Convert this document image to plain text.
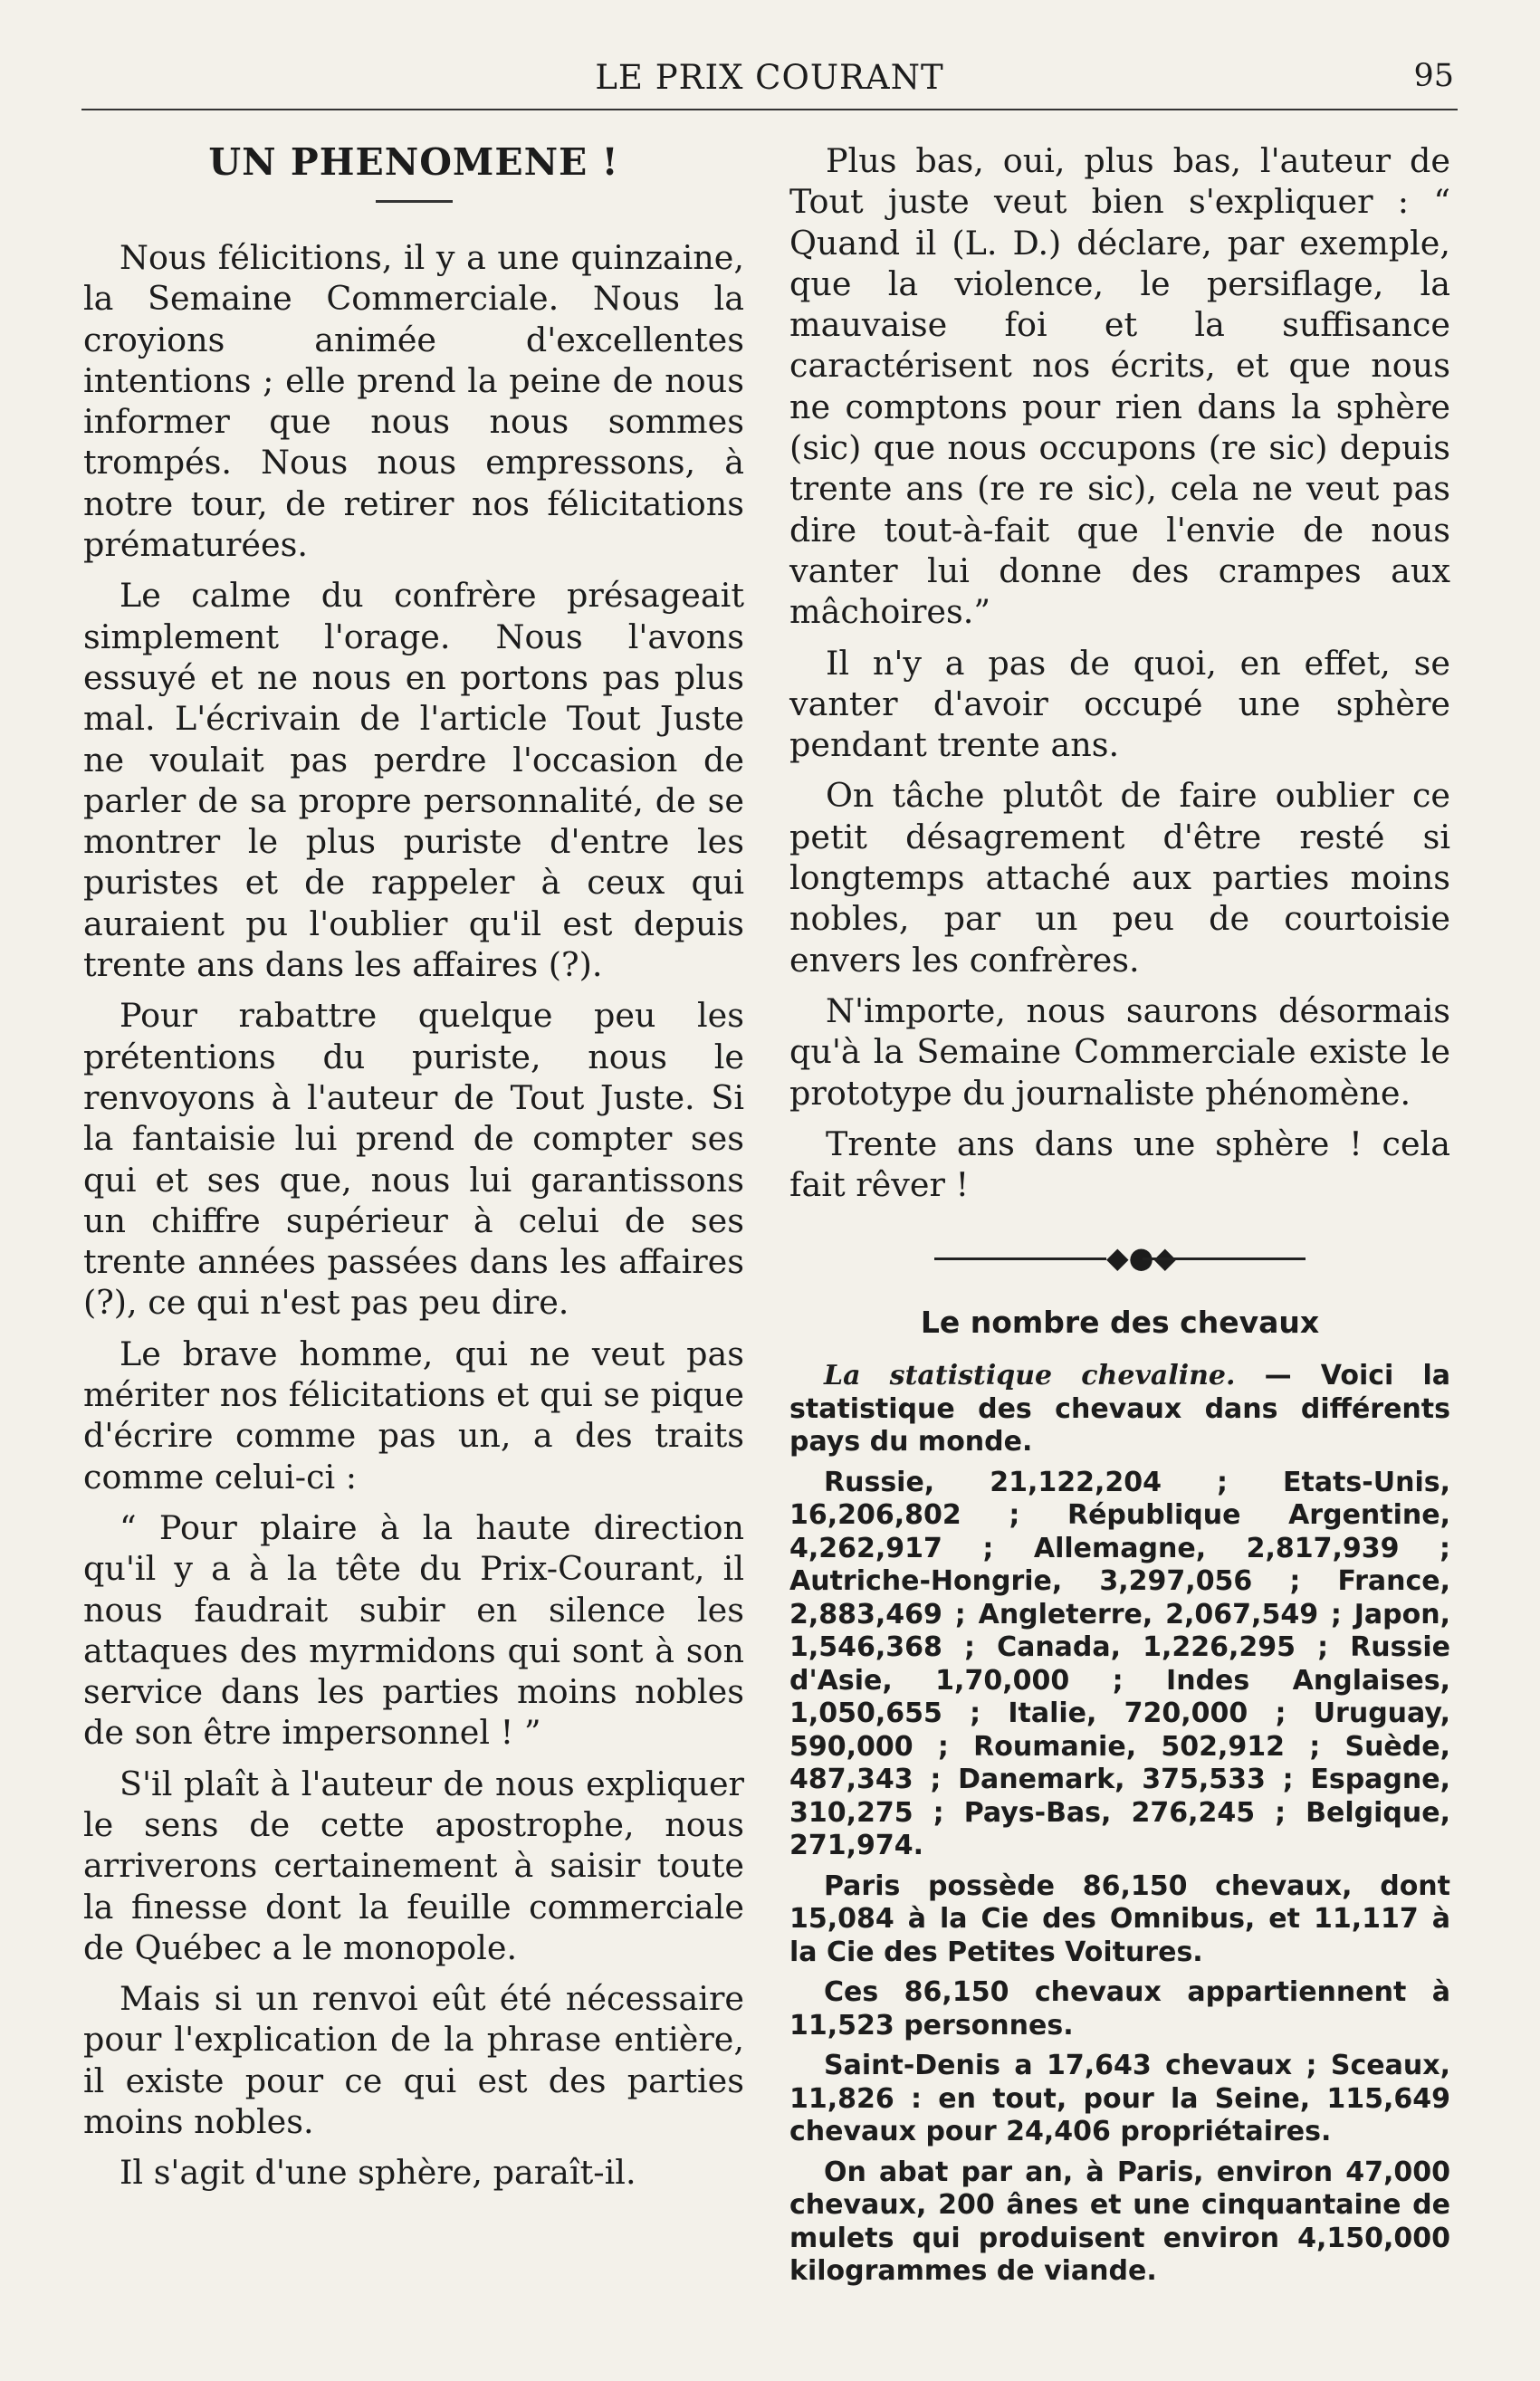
LE PRIX COURANT	95
UN PHENOMENE !

Nous félicitions, il y a une quinzaine, la Semaine Commerciale. Nous la croyions animée d'excellentes intentions ; elle prend la peine de nous informer que nous nous sommes trompés. Nous nous empressons, à notre tour, de retirer nos félicitations prématurées.

Le calme du confrère présageait simplement l'orage. Nous l'avons essuyé et ne nous en portons pas plus mal. L'écrivain de l'article Tout Juste ne voulait pas perdre l'occasion de parler de sa propre personnalité, de se montrer le plus puriste d'entre les puristes et de rappeler à ceux qui auraient pu l'oublier qu'il est depuis trente ans dans les affaires (?).

Pour rabattre quelque peu les prétentions du puriste, nous le renvoyons à l'auteur de Tout Juste. Si la fantaisie lui prend de compter ses qui et ses que, nous lui garantissons un chiffre supérieur à celui de ses trente années passées dans les affaires (?), ce qui n'est pas peu dire.

Le brave homme, qui ne veut pas mériter nos félicitations et qui se pique d'écrire comme pas un, a des traits comme celui-ci :

“ Pour plaire à la haute direction qu'il y a à la tête du Prix-Courant, il nous faudrait subir en silence les attaques des myrmidons qui sont à son service dans les parties moins nobles de son être impersonnel ! ”

S'il plaît à l'auteur de nous expliquer le sens de cette apostrophe, nous arriverons certainement à saisir toute la finesse dont la feuille commerciale de Québec a le monopole.

Mais si un renvoi eût été nécessaire pour l'explication de la phrase entière, il existe pour ce qui est des parties moins nobles.

Il s'agit d'une sphère, paraît-il.

Plus bas, oui, plus bas, l'auteur de Tout juste veut bien s'expliquer : “ Quand il (L. D.) déclare, par exemple, que la violence, le persiflage, la mauvaise foi et la suffisance caractérisent nos écrits, et que nous ne comptons pour rien dans la sphère (sic) que nous occupons (re sic) depuis trente ans (re re sic), cela ne veut pas dire tout-à-fait que l'envie de nous vanter lui donne des crampes aux mâchoires.”

Il n'y a pas de quoi, en effet, se vanter d'avoir occupé une sphère pendant trente ans.

On tâche plutôt de faire oublier ce petit désagrement d'être resté si longtemps attaché aux parties moins nobles, par un peu de courtoisie envers les confrères.

N'importe, nous saurons désormais qu'à la Semaine Commerciale existe le prototype du journaliste phénomène.

Trente ans dans une sphère ! cela fait rêver !

◆●◆
Le nombre des chevaux

La statistique chevaline. — Voici la statistique des chevaux dans différents pays du monde.

Russie, 21,122,204 ; Etats-Unis, 16,206,802 ; République Argentine, 4,262,917 ; Allemagne, 2,817,939 ; Autriche-Hongrie, 3,297,056 ; France, 2,883,469 ; Angleterre, 2,067,549 ; Japon, 1,546,368 ; Canada, 1,226,295 ; Russie d'Asie, 1,70,000 ; Indes Anglaises, 1,050,655 ; Italie, 720,000 ; Uruguay, 590,000 ; Roumanie, 502,912 ; Suède, 487,343 ; Danemark, 375,533 ; Espagne, 310,275 ; Pays-Bas, 276,245 ; Belgique, 271,974.

Paris possède 86,150 chevaux, dont 15,084 à la Cie des Omnibus, et 11,117 à la Cie des Petites Voitures.

Ces 86,150 chevaux appartiennent à 11,523 personnes.

Saint-Denis a 17,643 chevaux ; Sceaux, 11,826 : en tout, pour la Seine, 115,649 chevaux pour 24,406 propriétaires.

On abat par an, à Paris, environ 47,000 chevaux, 200 ânes et une cinquantaine de mulets qui produisent environ 4,150,000 kilogrammes de viande.
